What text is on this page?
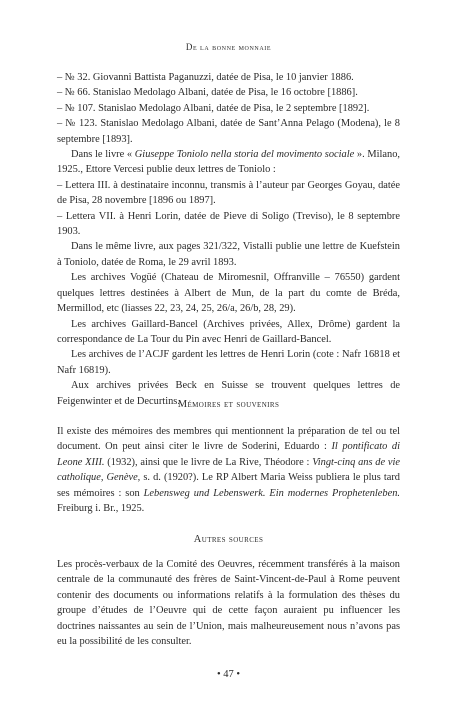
De la bonne monnaie

– № 32. Giovanni Battista Paganuzzi, datée de Pisa, le 10 janvier 1886.

– № 66. Stanislao Medolago Albani, datée de Pisa, le 16 octobre [1886].

– № 107. Stanislao Medolago Albani, datée de Pisa, le 2 septembre [1892].

– № 123. Stanislao Medolago Albani, datée de Sant’Anna Pelago (Modena), le 8 septembre [1893].

Dans le livre « Giuseppe Toniolo nella storia del movimento sociale ». Milano, 1925., Ettore Vercesi publie deux lettres de Toniolo :

– Lettera III. à destinataire inconnu, transmis à l’auteur par Georges Goyau, datée de Pisa, 28 novembre [1896 ou 1897].

– Lettera VII. à Henri Lorin, datée de Pieve di Soligo (Treviso), le 8 septembre 1903.

Dans le même livre, aux pages 321/322, Vistalli publie une lettre de Kuefstein à Toniolo, datée de Roma, le 29 avril 1893.

Les archives Vogüé (Chateau de Miromesnil, Offranville – 76550) gardent quelques lettres destinées à Albert de Mun, de la part du comte de Bréda, Mermillod, etc (liasses 22, 23, 24, 25, 26/a, 26/b, 28, 29).

Les archives Gaillard-Bancel (Archives privées, Allex, Drôme) gardent la correspondance de La Tour du Pin avec Henri de Gaillard-Bancel.

Les archives de l’ACJF gardent les lettres de Henri Lorin (cote : Nafr 16818 et Nafr 16819).

Aux archives privées Beck en Suisse se trouvent quelques lettres de Feigenwinter et de Decurtins.

Mémoires et souvenirs

Il existe des mémoires des membres qui mentionnent la préparation de tel ou tel document. On peut ainsi citer le livre de Soderini, Eduardo : Il pontificato di Leone XIII. (1932), ainsi que le livre de La Rive, Théodore : Vingt-cinq ans de vie catholique, Genève, s. d. (1920?). Le RP Albert Maria Weiss publiera le plus tard ses mémoires : son Lebensweg und Lebenswerk. Ein modernes Prophetenleben. Freiburg i. Br., 1925.

Autres sources

Les procès-verbaux de la Comité des Oeuvres, récemment transférés à la maison centrale de la communauté des frères de Saint-Vincent-de-Paul à Rome peuvent contenir des documents ou informations relatifs à la formulation des thèses du groupe d’études de l’Oeuvre qui de cette façon auraient pu influencer les doctrines naissantes au sein de l’Union, mais malheureusement nous n’avons pas eu la possibilité de les consulter.

• 47 •
